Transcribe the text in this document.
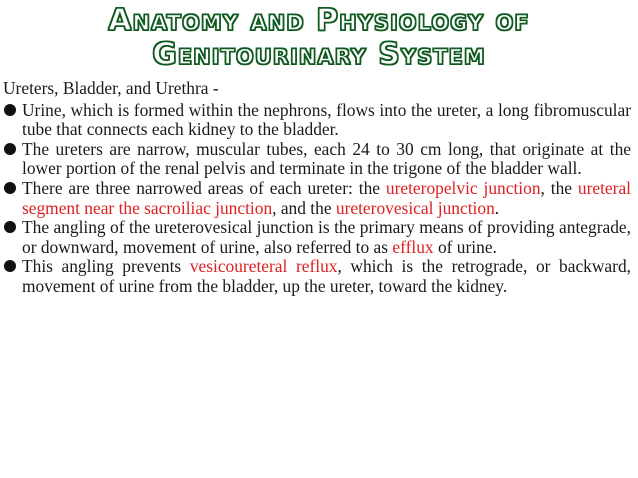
Anatomy and Physiology of
Genitourinary System
Ureters, Bladder, and Urethra -
Urine, which is formed within the nephrons, flows into the ureter, a long fibromuscular tube that connects each kidney to the bladder.
The ureters are narrow, muscular tubes, each 24 to 30 cm long, that originate at the lower portion of the renal pelvis and terminate in the trigone of the bladder wall.
There are three narrowed areas of each ureter: the ureteropelvic junction, the ureteral segment near the sacroiliac junction, and the ureterovesical junction.
The angling of the ureterovesical junction is the primary means of providing antegrade, or downward, movement of urine, also referred to as efflux of urine.
This angling prevents vesicoureteral reflux, which is the retrograde, or backward, movement of urine from the bladder, up the ureter, toward the kidney.
